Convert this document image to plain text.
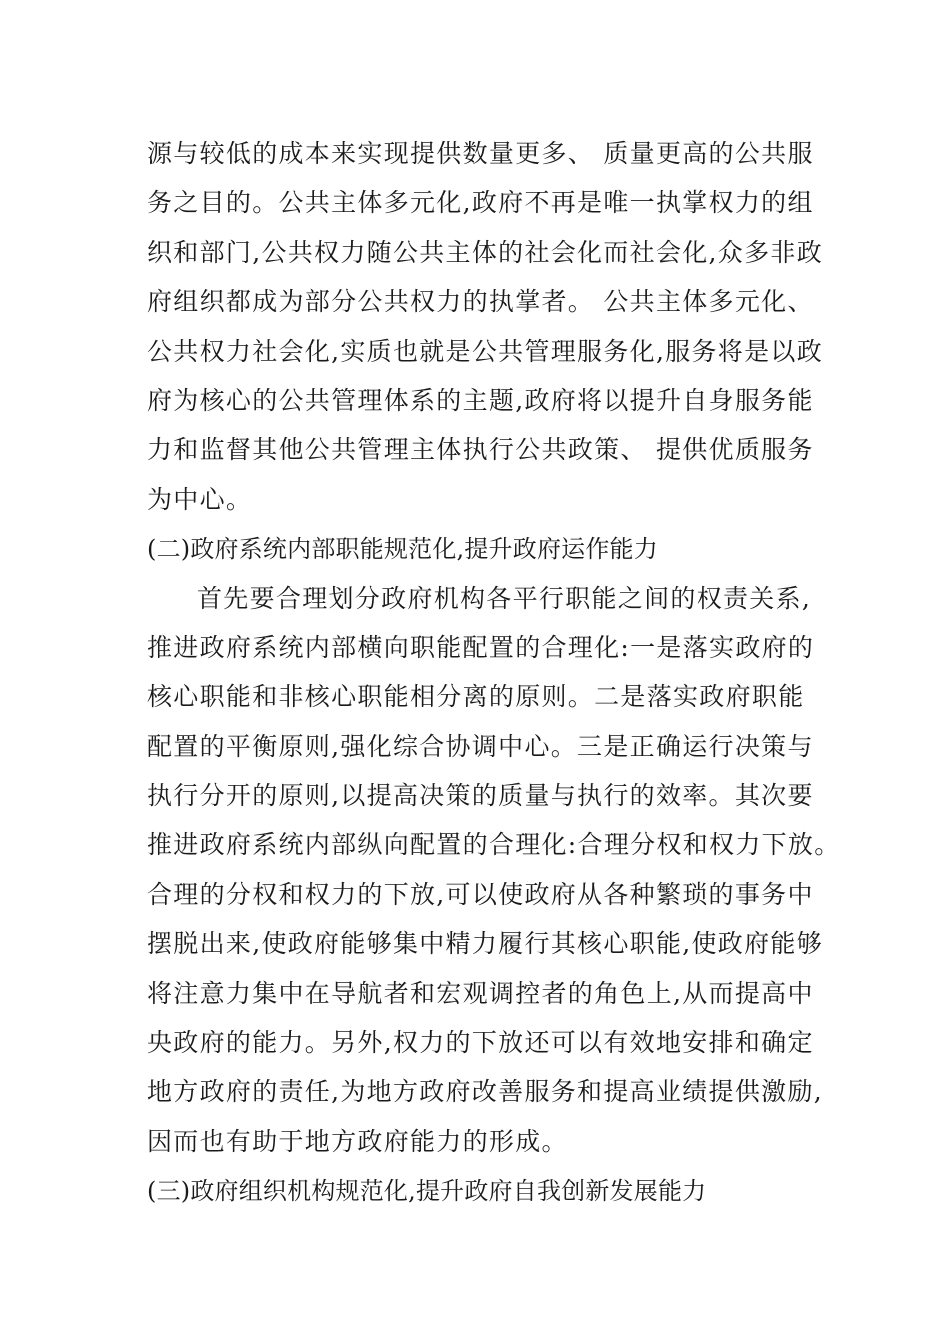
源与较低的成本来实现提供数量更多、 质量更高的公共服
务之目的。公共主体多元化,政府不再是唯一执掌权力的组
织和部门,公共权力随公共主体的社会化而社会化,众多非政
府组织都成为部分公共权力的执掌者。 公共主体多元化、
公共权力社会化,实质也就是公共管理服务化,服务将是以政
府为核心的公共管理体系的主题,政府将以提升自身服务能
力和监督其他公共管理主体执行公共政策、 提供优质服务
为中心。
(二)政府系统内部职能规范化,提升政府运作能力
首先要合理划分政府机构各平行职能之间的权责关系,
推进政府系统内部横向职能配置的合理化:一是落实政府的
核心职能和非核心职能相分离的原则。二是落实政府职能
配置的平衡原则,强化综合协调中心。三是正确运行决策与
执行分开的原则,以提高决策的质量与执行的效率。其次要
推进政府系统内部纵向配置的合理化:合理分权和权力下放。
合理的分权和权力的下放,可以使政府从各种繁琐的事务中
摆脱出来,使政府能够集中精力履行其核心职能,使政府能够
将注意力集中在导航者和宏观调控者的角色上,从而提高中
央政府的能力。另外,权力的下放还可以有效地安排和确定
地方政府的责任,为地方政府改善服务和提高业绩提供激励,
因而也有助于地方政府能力的形成。
(三)政府组织机构规范化,提升政府自我创新发展能力
